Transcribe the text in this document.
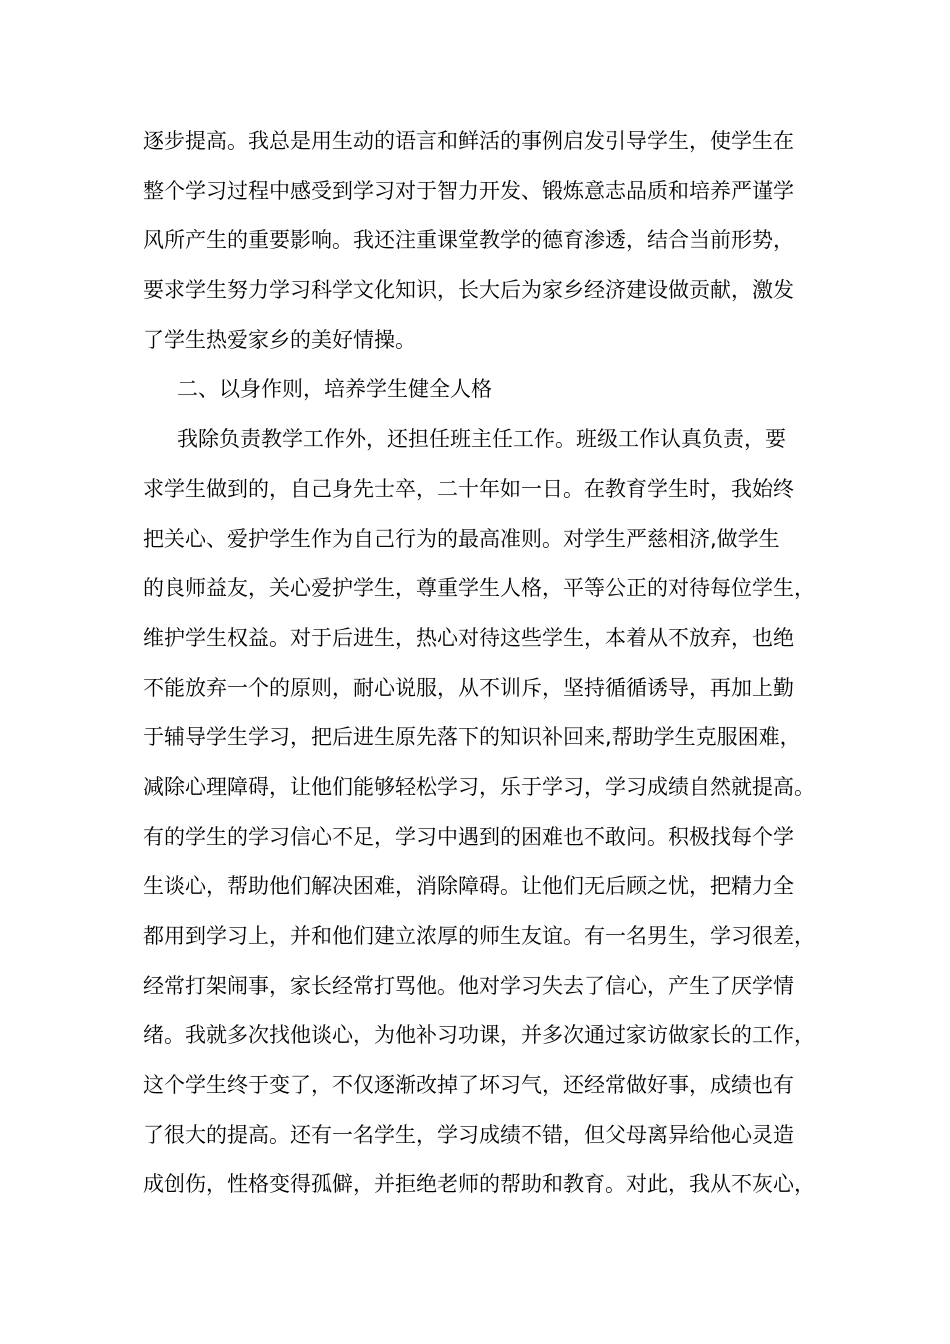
逐步提高。我总是用生动的语言和鲜活的事例启发引导学生，使学生在
整个学习过程中感受到学习对于智力开发、锻炼意志品质和培养严谨学
风所产生的重要影响。我还注重课堂教学的德育渗透，结合当前形势，
要求学生努力学习科学文化知识，长大后为家乡经济建设做贡献，激发
了学生热爱家乡的美好情操。
二、以身作则，培养学生健全人格
我除负责教学工作外，还担任班主任工作。班级工作认真负责，要
求学生做到的，自己身先士卒，二十年如一日。在教育学生时，我始终
把关心、爱护学生作为自己行为的最高准则。对学生严慈相济,做学生
的良师益友，关心爱护学生，尊重学生人格，平等公正的对待每位学生，
维护学生权益。对于后进生，热心对待这些学生，本着从不放弃，也绝
不能放弃一个的原则，耐心说服，从不训斥，坚持循循诱导，再加上勤
于辅导学生学习，把后进生原先落下的知识补回来,帮助学生克服困难，
减除心理障碍，让他们能够轻松学习，乐于学习，学习成绩自然就提高。
有的学生的学习信心不足，学习中遇到的困难也不敢问。积极找每个学
生谈心，帮助他们解决困难，消除障碍。让他们无后顾之忧，把精力全
都用到学习上，并和他们建立浓厚的师生友谊。有一名男生，学习很差，
经常打架闹事，家长经常打骂他。他对学习失去了信心，产生了厌学情
绪。我就多次找他谈心，为他补习功课，并多次通过家访做家长的工作，
这个学生终于变了，不仅逐渐改掉了坏习气，还经常做好事，成绩也有
了很大的提高。还有一名学生，学习成绩不错，但父母离异给他心灵造
成创伤，性格变得孤僻，并拒绝老师的帮助和教育。对此，我从不灰心，
